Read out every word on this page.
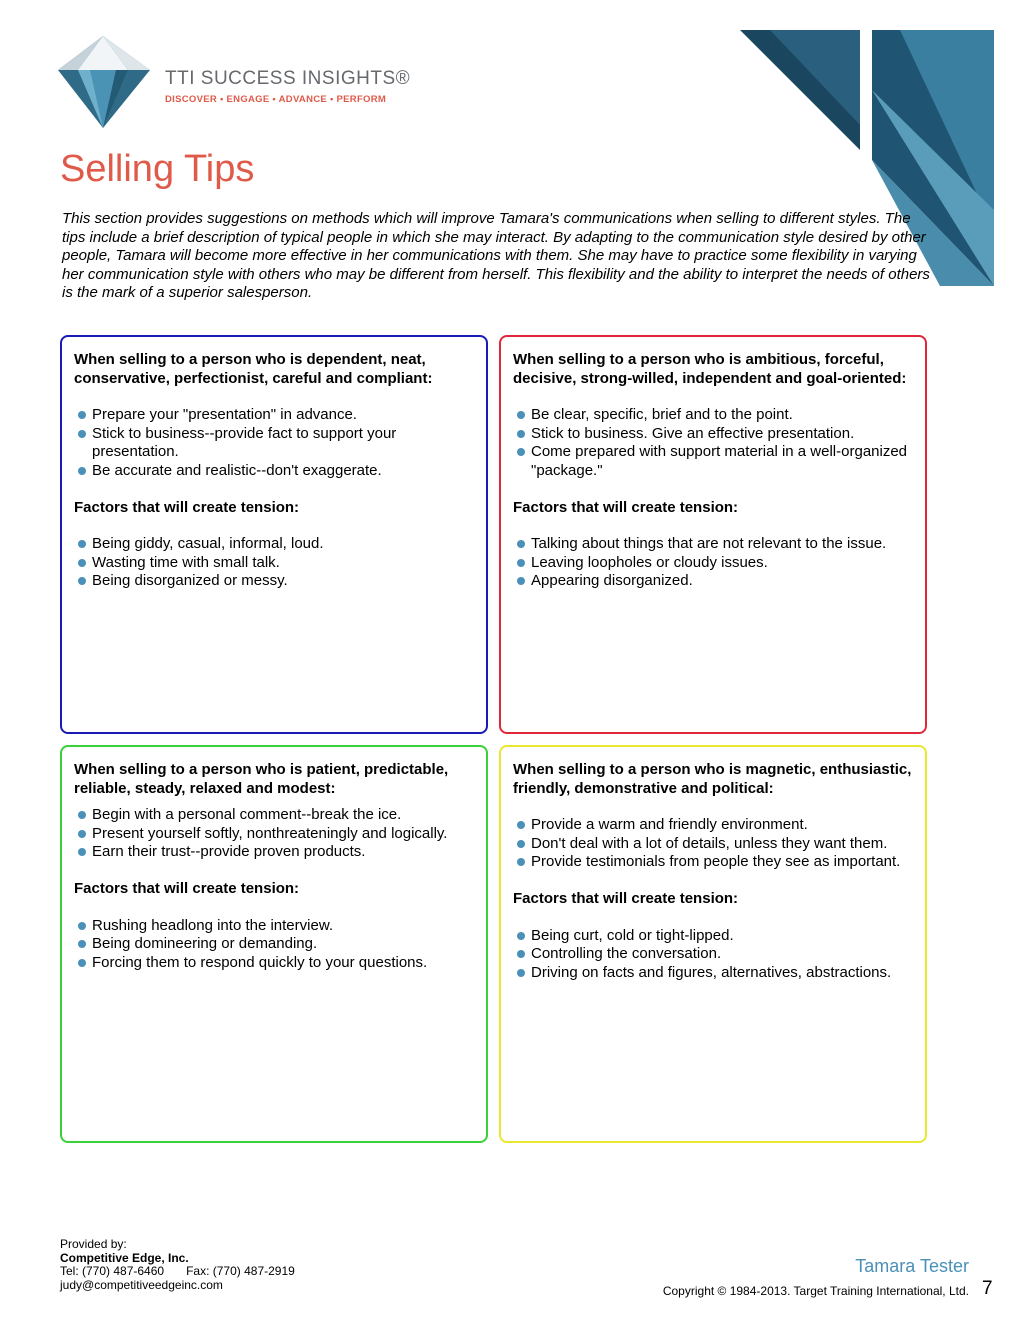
TTI SUCCESS INSIGHTS®
DISCOVER • ENGAGE • ADVANCE • PERFORM
Selling Tips

This section provides suggestions on methods which will improve Tamara's communications when selling to different styles. The tips include a brief description of typical people in which she may interact. By adapting to the communication style desired by other people, Tamara will become more effective in her communications with them. She may have to practice some flexibility in varying her communication style with others who may be different from herself. This flexibility and the ability to interpret the needs of others is the mark of a superior salesperson.

When selling to a person who is dependent, neat, conservative, perfectionist, careful and compliant:
Prepare your "presentation" in advance.
Stick to business--provide fact to support your presentation.
Be accurate and realistic--don't exaggerate.
Factors that will create tension:
Being giddy, casual, informal, loud.
Wasting time with small talk.
Being disorganized or messy.
When selling to a person who is ambitious, forceful, decisive, strong-willed, independent and goal-oriented:
Be clear, specific, brief and to the point.
Stick to business. Give an effective presentation.
Come prepared with support material in a well-organized "package."
Factors that will create tension:
Talking about things that are not relevant to the issue.
Leaving loopholes or cloudy issues.
Appearing disorganized.
When selling to a person who is patient, predictable, reliable, steady, relaxed and modest:
Begin with a personal comment--break the ice.
Present yourself softly, nonthreateningly and logically.
Earn their trust--provide proven products.
Factors that will create tension:
Rushing headlong into the interview.
Being domineering or demanding.
Forcing them to respond quickly to your questions.
When selling to a person who is magnetic, enthusiastic, friendly, demonstrative and political:
Provide a warm and friendly environment.
Don't deal with a lot of details, unless they want them.
Provide testimonials from people they see as important.
Factors that will create tension:
Being curt, cold or tight-lipped.
Controlling the conversation.
Driving on facts and figures, alternatives, abstractions.
Provided by:
Competitive Edge, Inc.
Tel: (770) 487-6460 Fax: (770) 487-2919
judy@competitiveedgeinc.com
Tamara Tester
Copyright © 1984-2013. Target Training International, Ltd. 7
